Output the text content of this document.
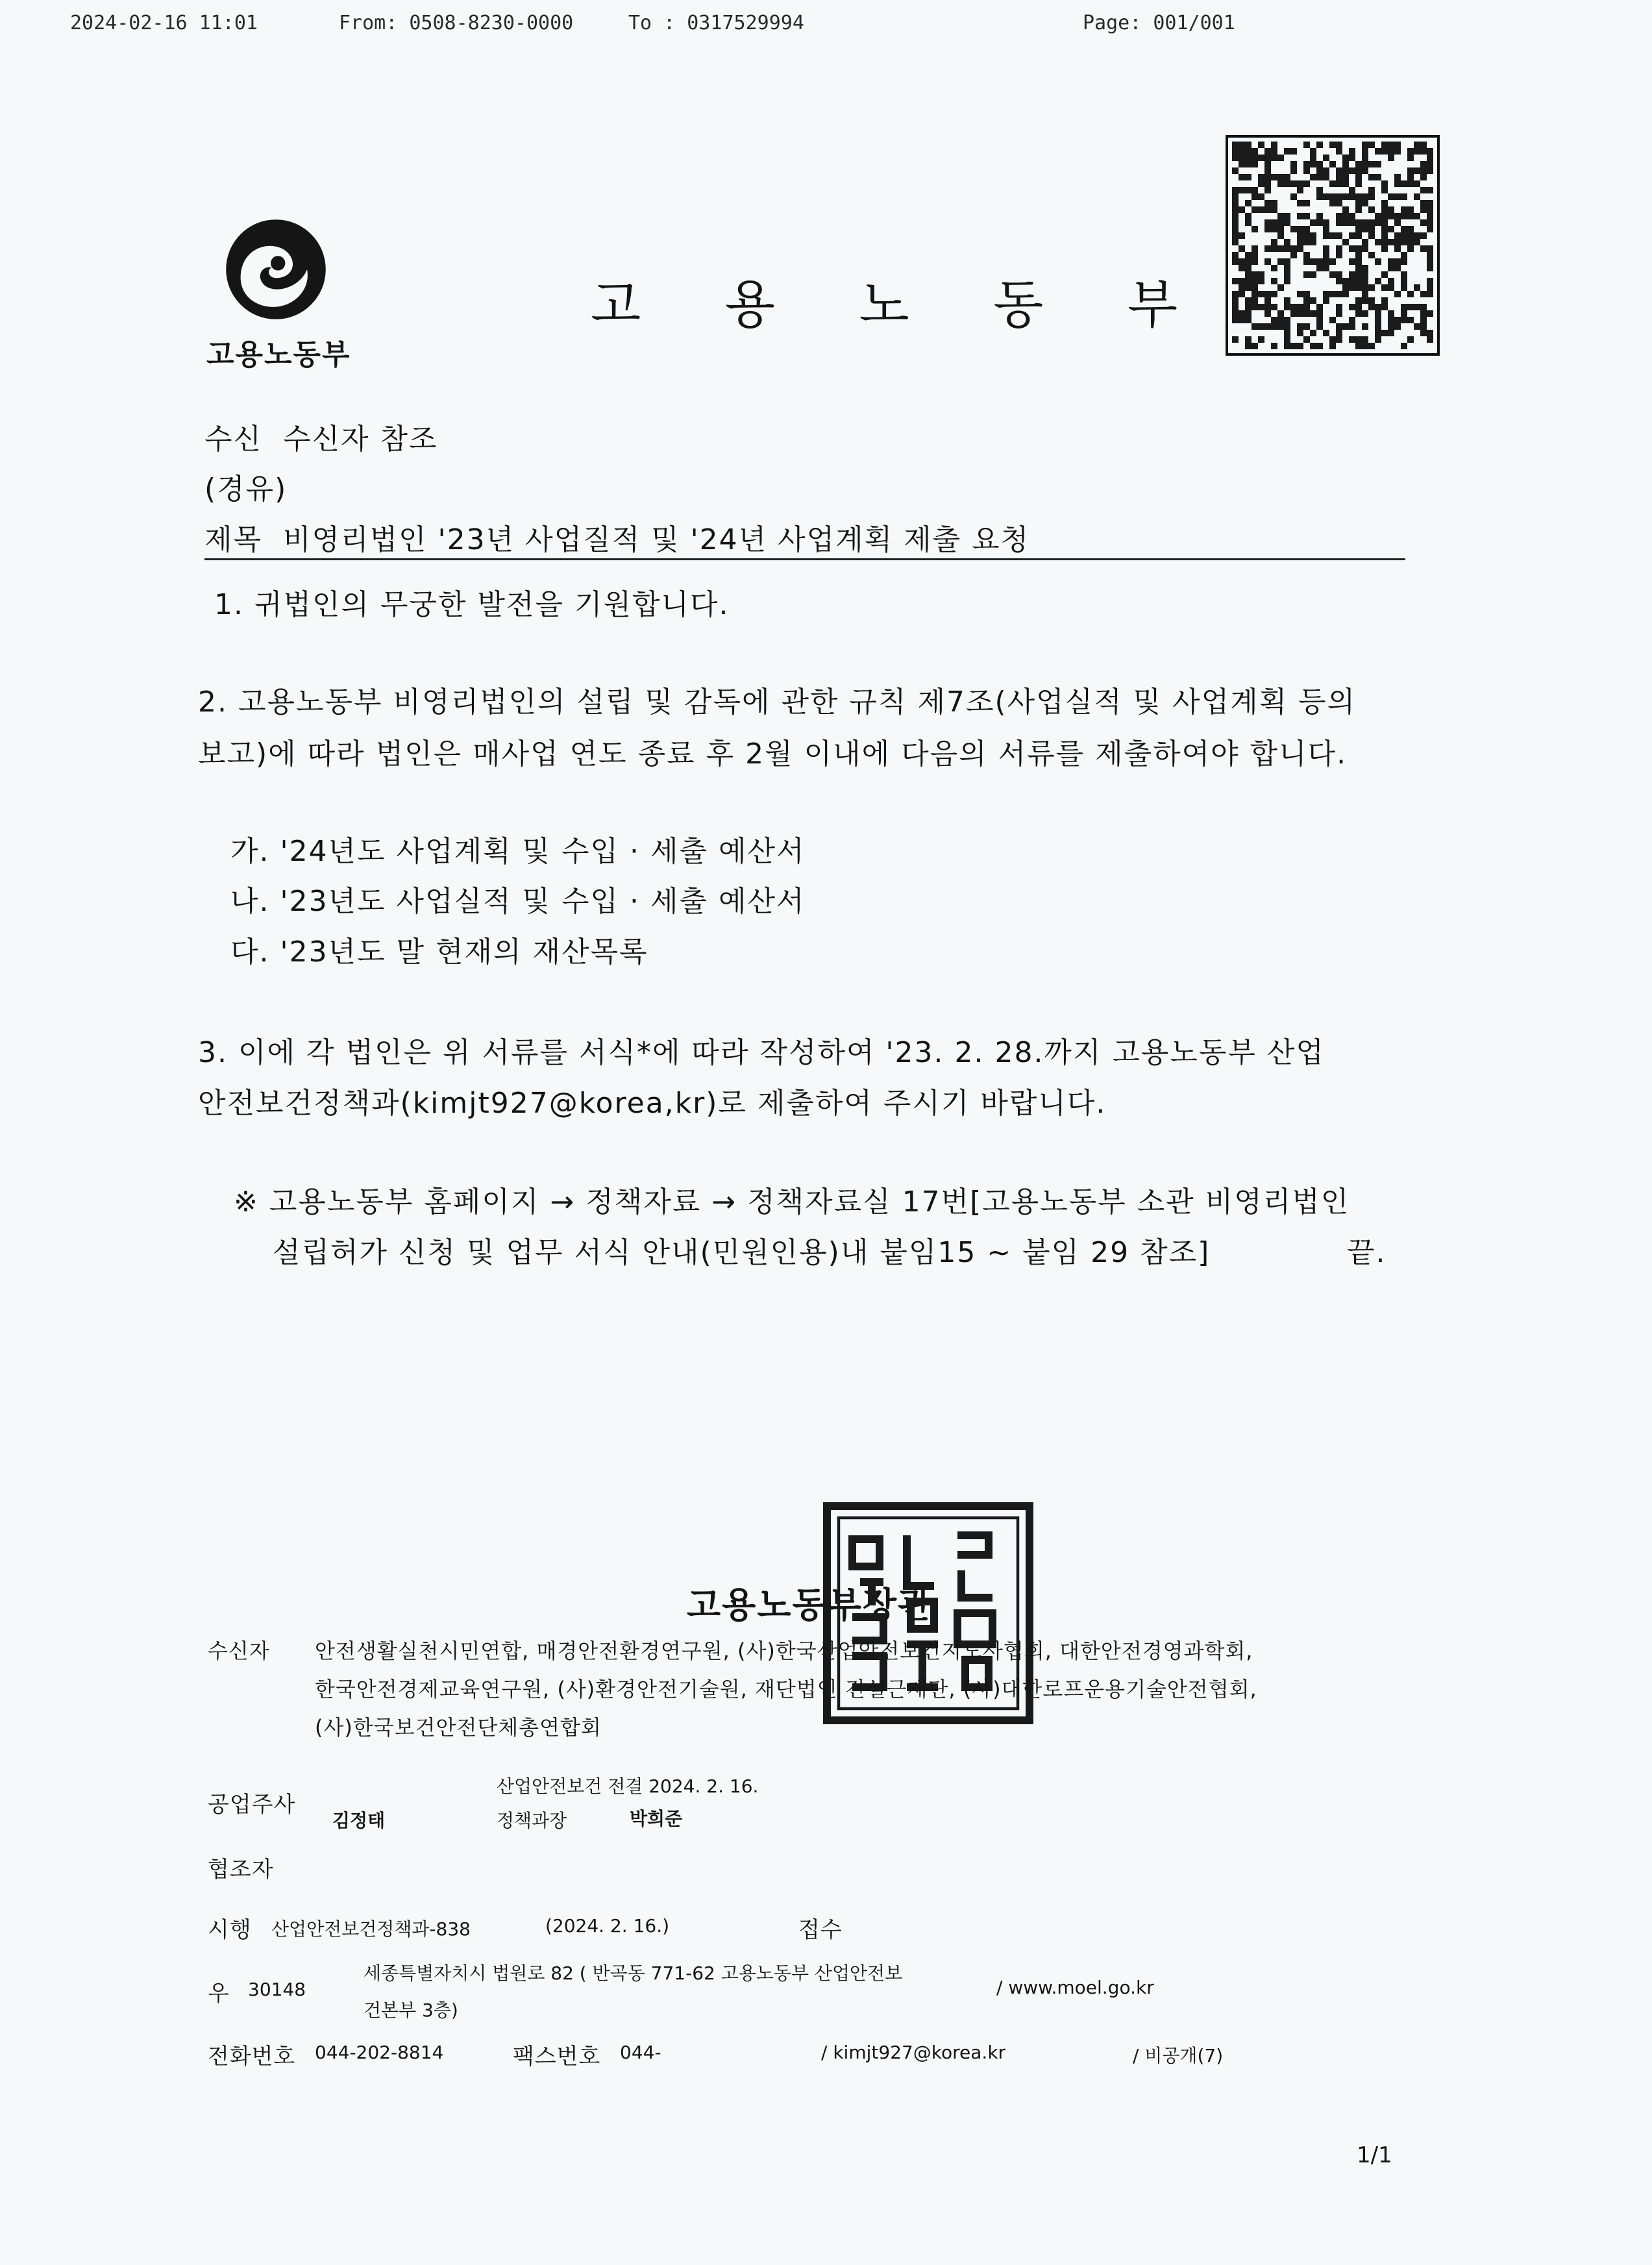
2024-02-16 11:01	From: 0508-8230-0000	To : 0317529994	Page: 001/001
고용노동부
고 용 노 동 부
수신 수신자 참조
(경유)
제목 비영리법인 '23년 사업질적 및 '24년 사업계획 제출 요청
1. 귀법인의 무궁한 발전을 기원합니다.
2. 고용노동부 비영리법인의 설립 및 감독에 관한 규칙 제7조(사업실적 및 사업계획 등의
보고)에 따라 법인은 매사업 연도 종료 후 2월 이내에 다음의 서류를 제출하여야 합니다.
가. '24년도 사업계획 및 수입 · 세출 예산서
나. '23년도 사업실적 및 수입 · 세출 예산서
다. '23년도 말 현재의 재산목록
3. 이에 각 법인은 위 서류를 서식*에 따라 작성하여 '23. 2. 28.까지 고용노동부 산업
안전보건정책과(kimjt927@korea,kr)로 제출하여 주시기 바랍니다.
※ 고용노동부 홈페이지 → 정책자료 → 정책자료실 17번[고용노동부 소관 비영리법인
설립허가 신청 및 업무 서식 안내(민원인용)내 붙임15 ~ 붙임 29 참조]	끝.
고용노동부장관
수신자 안전생활실천시민연합, 매경안전환경연구원, (사)한국산업안전보건지도사협회, 대한안전경영과학회,
한국안전경제교육연구원, (사)환경안전기술원, 재단법인 건설근재단, (사)대한로프운용기술안전협회,
(사)한국보건안전단체총연합회
공업주사
김정태
산업안전보건 전결 2024. 2. 16.
정책과장	박희준
협조자
시행 산업안전보건정책과-838	(2024. 2. 16.)	접수
우 30148
세종특별자치시 법원로 82 ( 반곡동 771-62 고용노동부 산업안전보
건본부 3층)
/ www.moel.go.kr
전화번호 044-202-8814	팩스번호 044-	/ kimjt927@korea.kr	/ 비공개(7)
1/1
